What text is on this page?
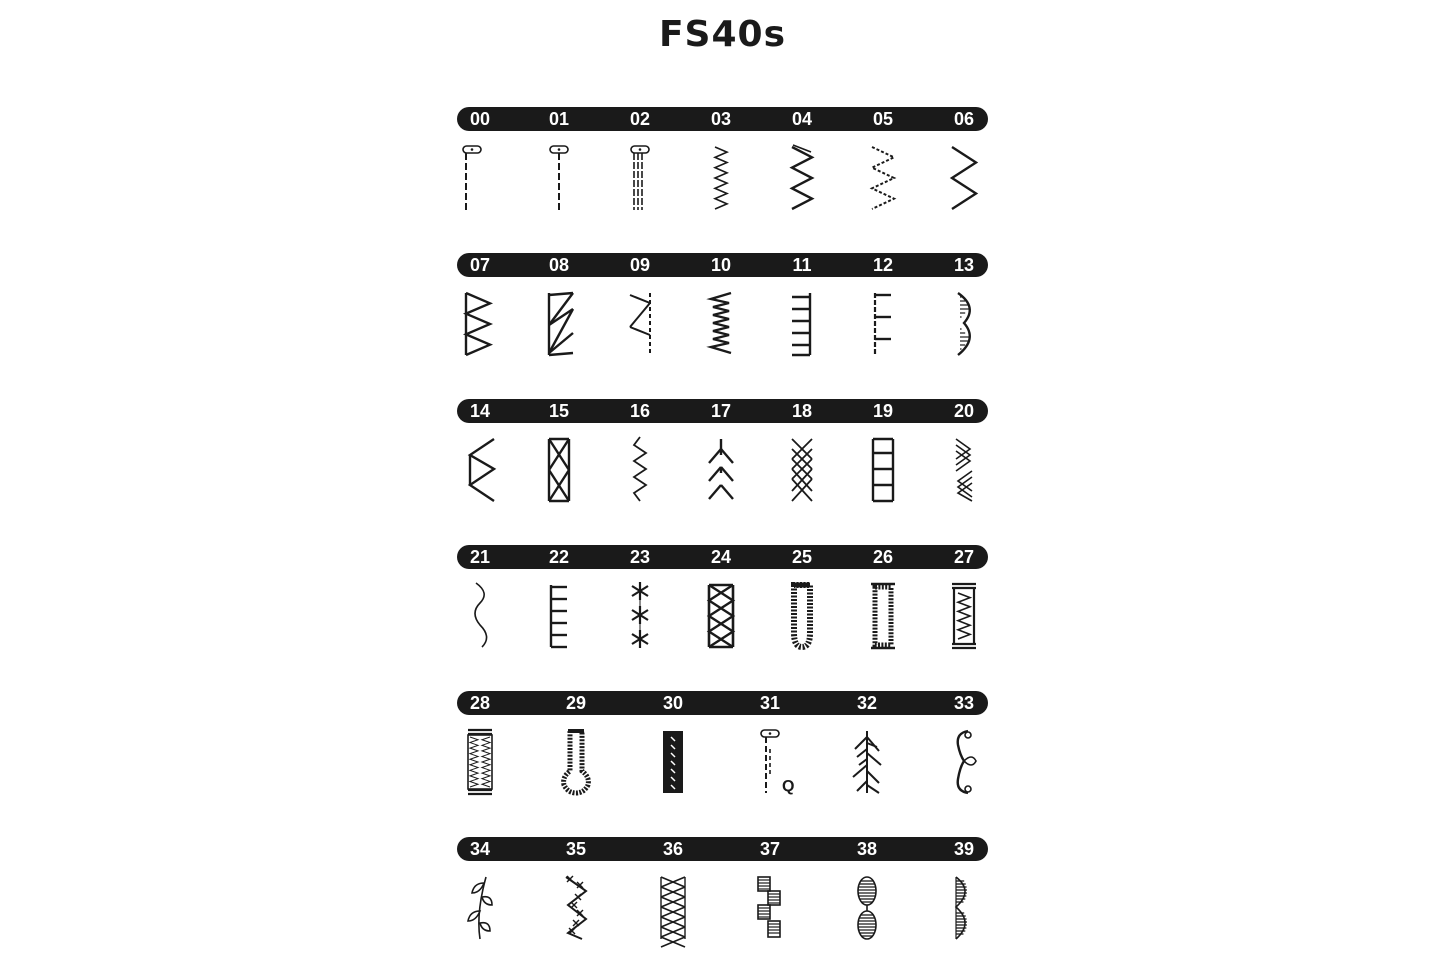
FS40s
00	01	02	03	04	05	06
07	08	09	10	11	12	13
14	15	16	17	18	19	20
21	22	23	24	25	26	27
28	29	30	31	32	33
Q
34	35	36	37	38	39
